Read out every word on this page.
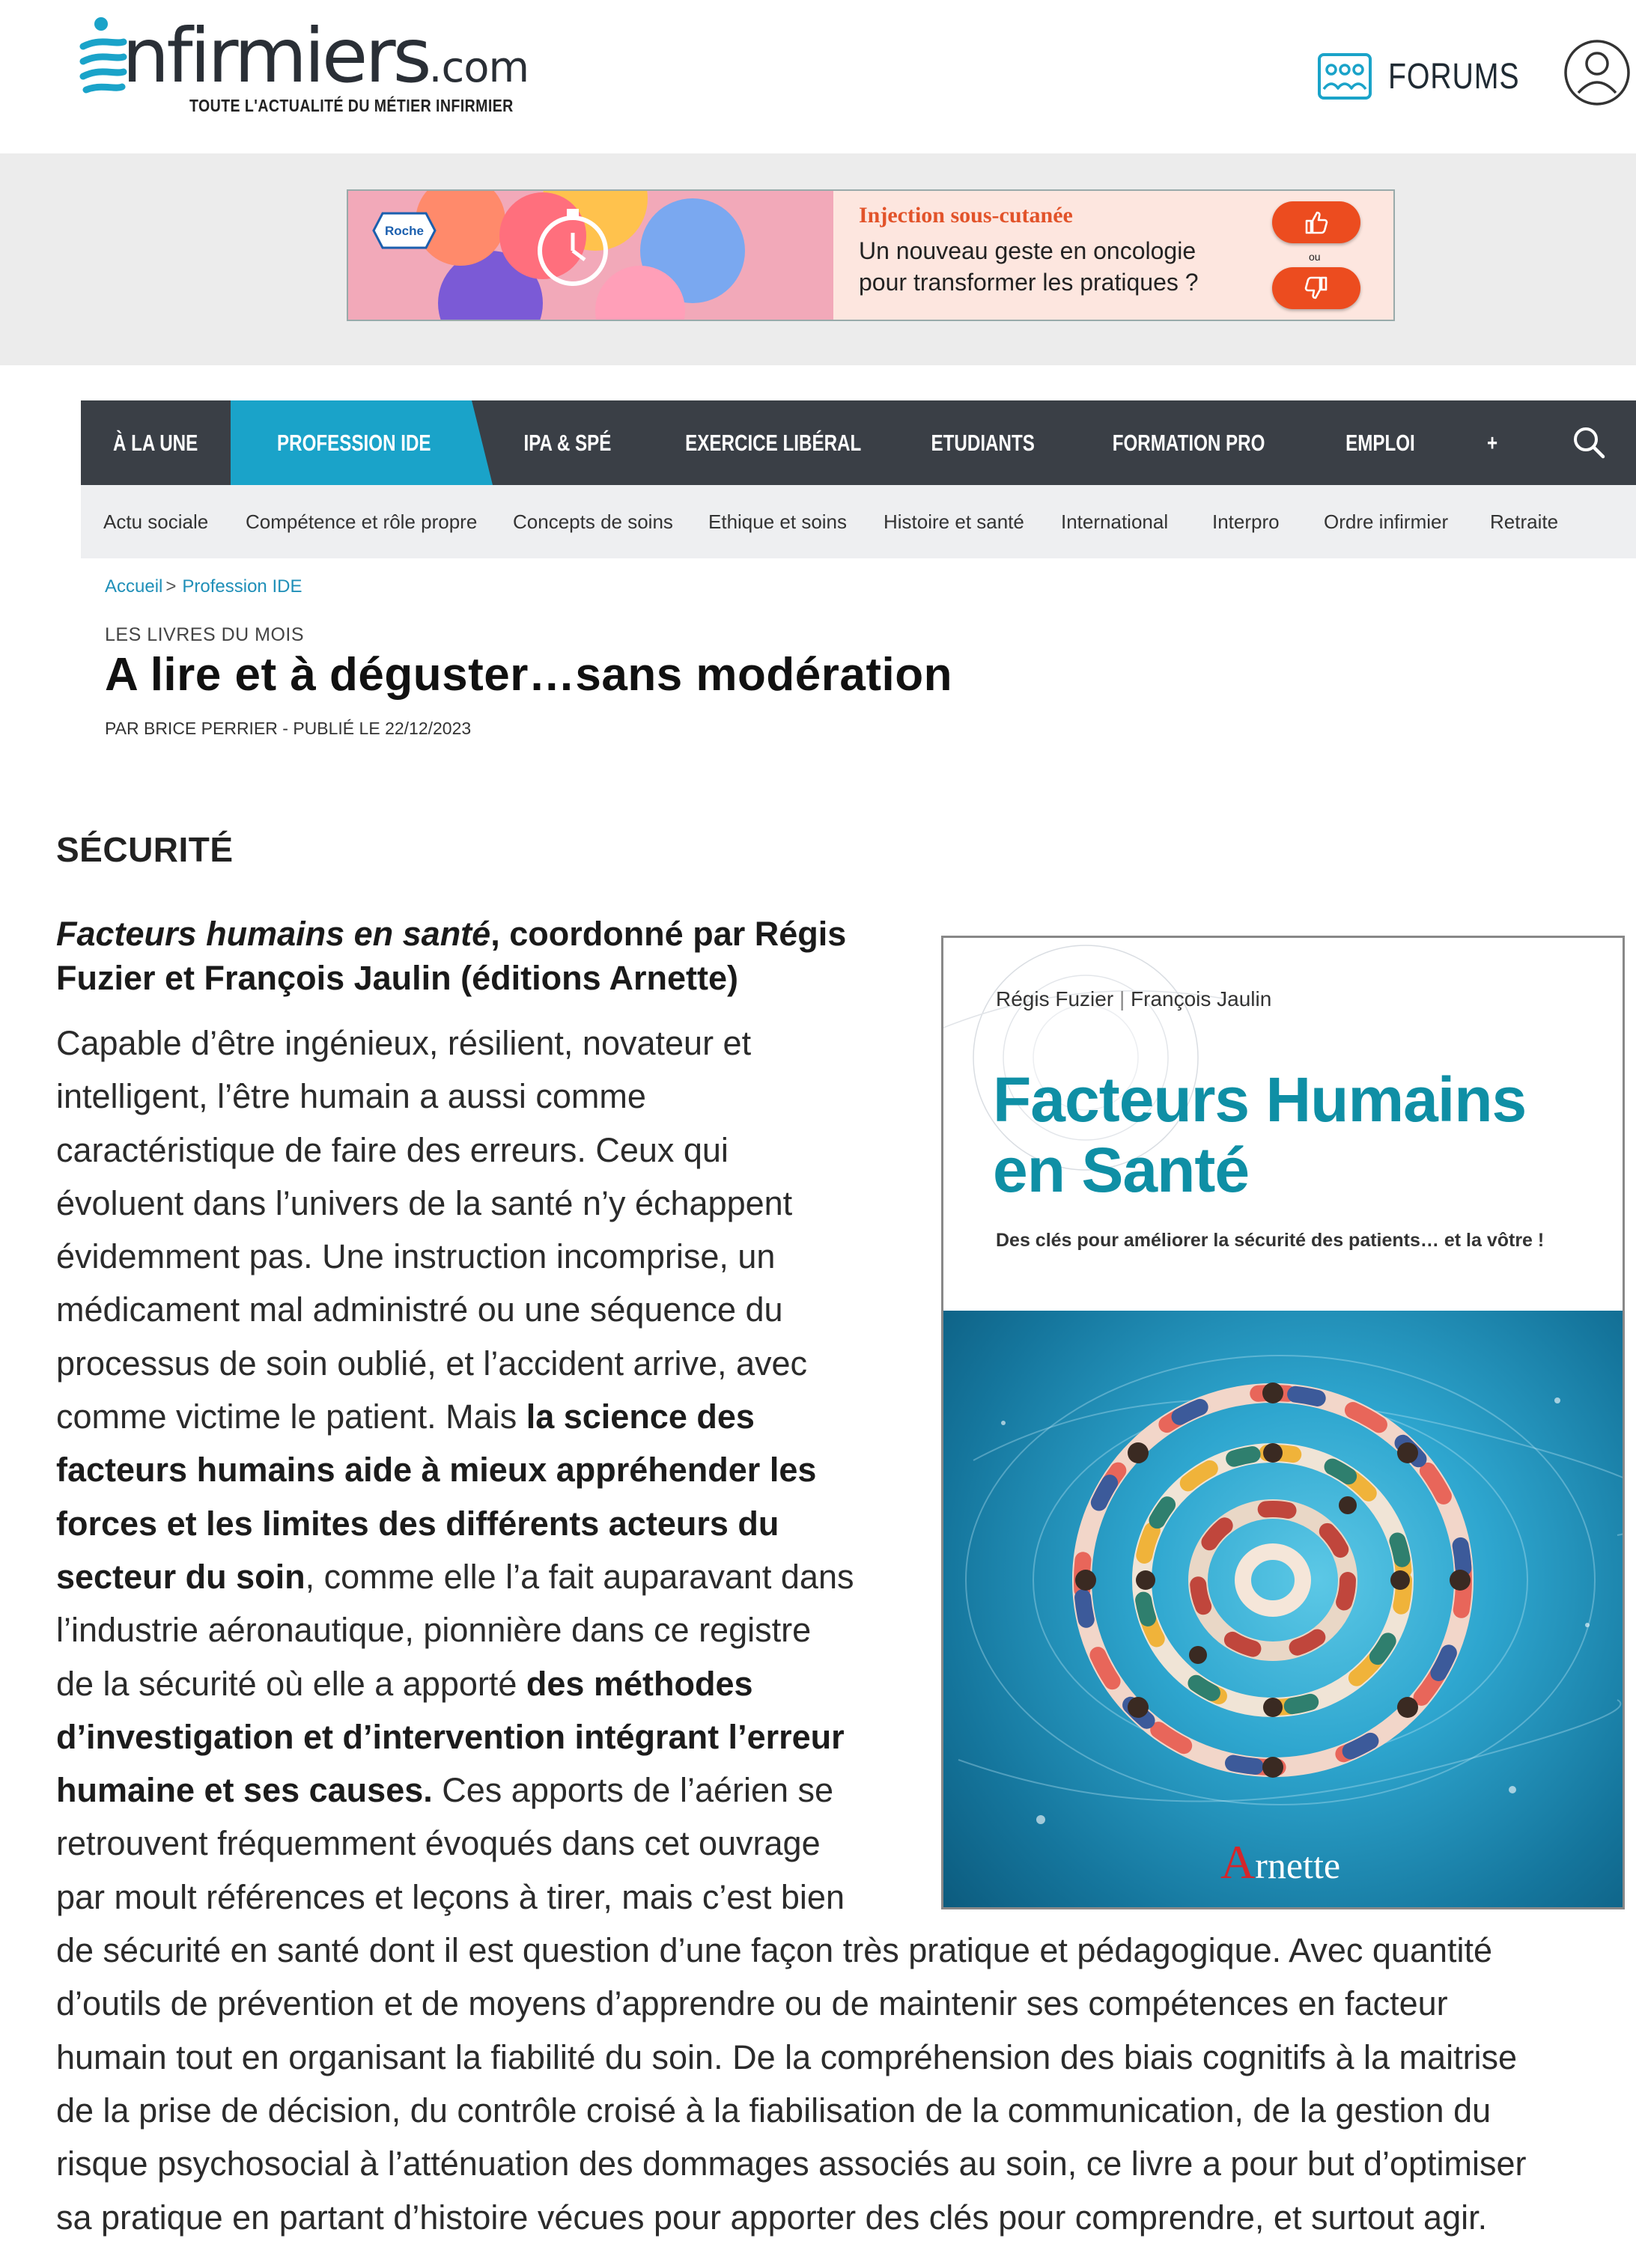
nfirmiers.com
TOUTE L'ACTUALITÉ DU MÉTIER INFIRMIER
FORUMS
Roche
Injection sous-cutanée
Un nouveau geste en oncologie
pour transformer les pratiques ?
ou
À LA UNE	PROFESSION IDE	IPA & SPÉ	EXERCICE LIBÉRAL	ETUDIANTS	FORMATION PRO	EMPLOI	+
Actu sociale Compétence et rôle propre Concepts de soins Ethique et soins Histoire et santé International Interpro Ordre infirmier Retraite
Accueil > Profession IDE
LES LIVRES DU MOIS
A lire et à déguster…sans modération
PAR BRICE PERRIER - PUBLIÉ LE 22/12/2023
SÉCURITÉ
Facteurs humains en santé, coordonné par Régis
Fuzier et François Jaulin (éditions Arnette)
Capable d’être ingénieux, résilient, novateur et
intelligent, l’être humain a aussi comme
caractéristique de faire des erreurs. Ceux qui
évoluent dans l’univers de la santé n’y échappent
évidemment pas. Une instruction incomprise, un
médicament mal administré ou une séquence du
processus de soin oublié, et l’accident arrive, avec
comme victime le patient. Mais la science des
facteurs humains aide à mieux appréhender les
forces et les limites des différents acteurs du
secteur du soin, comme elle l’a fait auparavant dans
l’industrie aéronautique, pionnière dans ce registre
de la sécurité où elle a apporté des méthodes
d’investigation et d’intervention intégrant l’erreur
humaine et ses causes. Ces apports de l’aérien se
retrouvent fréquemment évoqués dans cet ouvrage
par moult références et leçons à tirer, mais c’est bien
de sécurité en santé dont il est question d’une façon très pratique et pédagogique. Avec quantité
d’outils de prévention et de moyens d’apprendre ou de maintenir ses compétences en facteur
humain tout en organisant la fiabilité du soin. De la compréhension des biais cognitifs à la maitrise
de la prise de décision, du contrôle croisé à la fiabilisation de la communication, de la gestion du
risque psychosocial à l’atténuation des dommages associés au soin, ce livre a pour but d’optimiser
sa pratique en partant d’histoire vécues pour apporter des clés pour comprendre, et surtout agir.
Régis Fuzier | François Jaulin
Facteurs Humains
en Santé
Des clés pour améliorer la sécurité des patients… et la vôtre !
Arnette
